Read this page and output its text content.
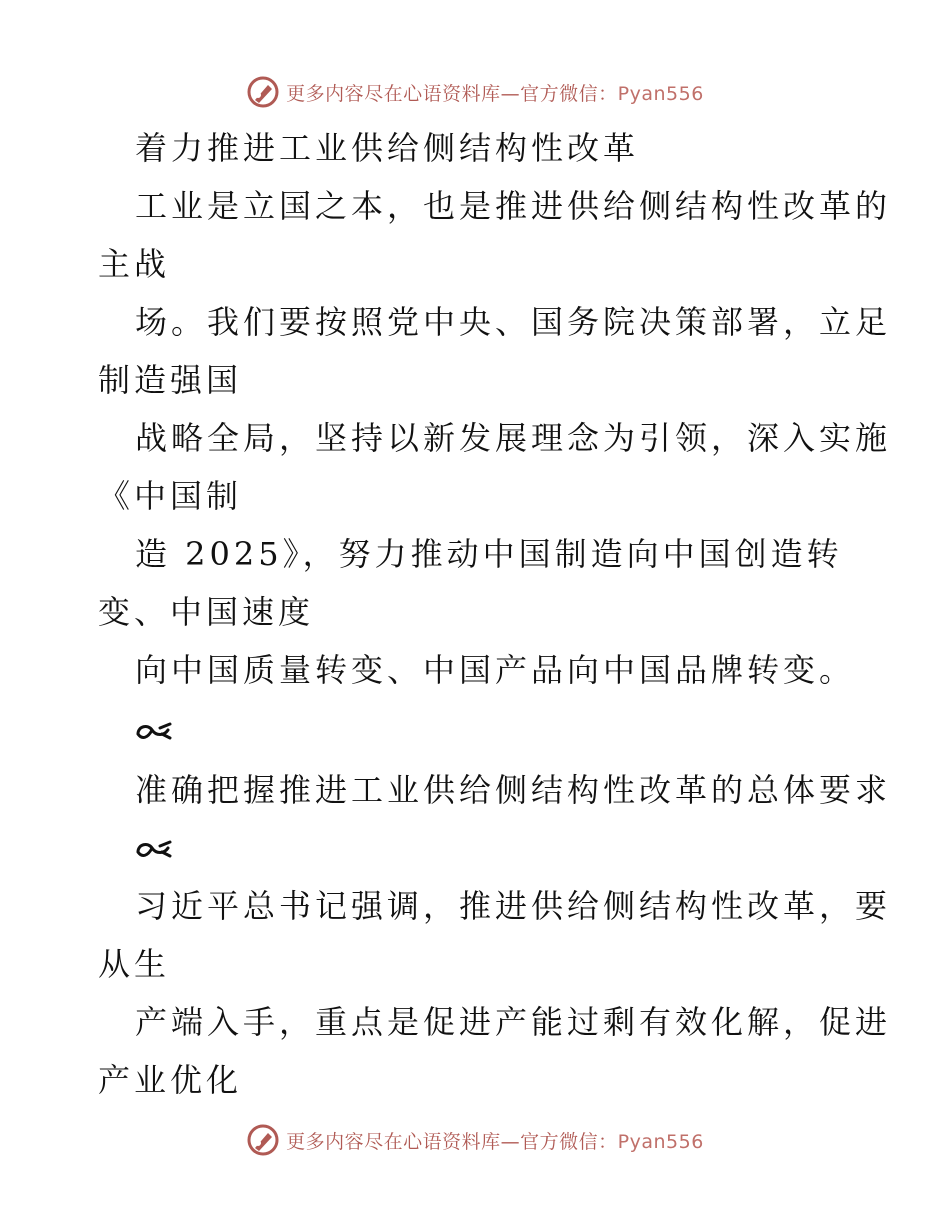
更多内容尽在心语资料库—官方微信：Pyan556
着力推进工业供给侧结构性改革
工业是立国之本，也是推进供给侧结构性改革的
主战
场。我们要按照党中央、国务院决策部署，立足
制造强国
战略全局，坚持以新发展理念为引领，深入实施
《中国制
造 2025》，努力推动中国制造向中国创造转
变、中国速度
向中国质量转变、中国产品向中国品牌转变。
准确把握推进工业供给侧结构性改革的总体要求
习近平总书记强调，推进供给侧结构性改革，要
从生
产端入手，重点是促进产能过剩有效化解，促进
产业优化
更多内容尽在心语资料库—官方微信：Pyan556
